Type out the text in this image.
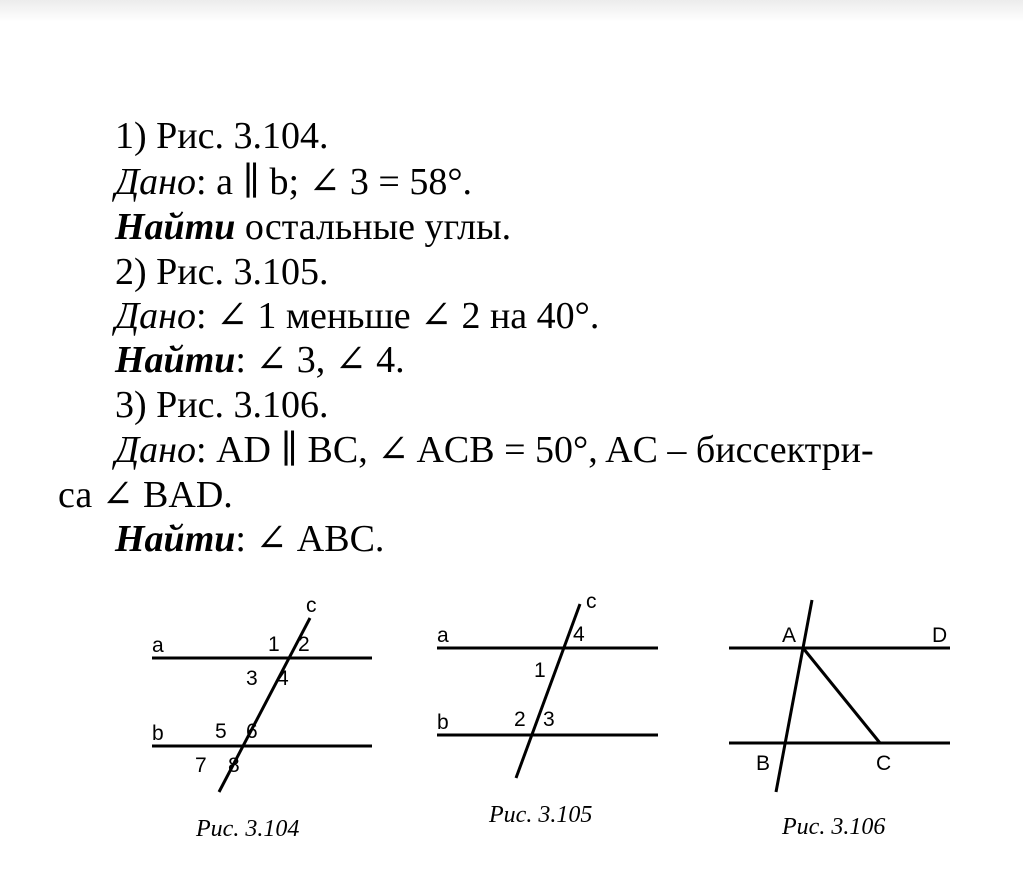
1) Рис. 3.104.
Дано: a ∥ b; ∠ 3 = 58°.
Найти остальные углы.
2) Рис. 3.105.
Дано: ∠ 1 меньше ∠ 2 на 40°.
Найти: ∠ 3, ∠ 4.
3) Рис. 3.106.
Дано: AD ∥ BC, ∠ ACB = 50°, AC – биссектри-
са ∠ BAD.
Найти: ∠ ABC.
a
b
c
1 2
3 4
5 6
7 8
Рис. 3.104
a
b
c
1
2 3
4
Рис. 3.105
A	D
B	C
Рис. 3.106
